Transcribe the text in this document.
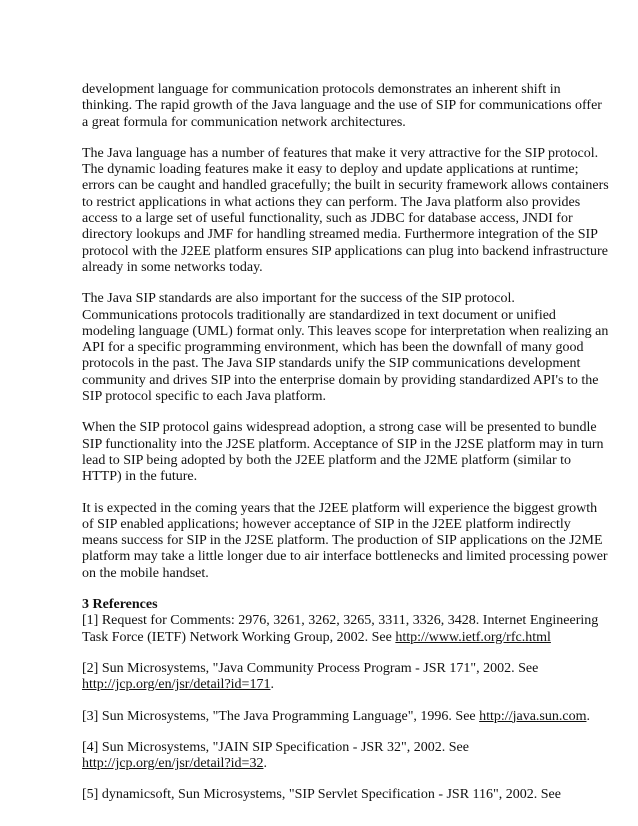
development language for communication protocols demonstrates an inherent shift in
thinking. The rapid growth of the Java language and the use of SIP for communications offer
a great formula for communication network architectures.
The Java language has a number of features that make it very attractive for the SIP protocol.
The dynamic loading features make it easy to deploy and update applications at runtime;
errors can be caught and handled gracefully; the built in security framework allows containers
to restrict applications in what actions they can perform. The Java platform also provides
access to a large set of useful functionality, such as JDBC for database access, JNDI for
directory lookups and JMF for handling streamed media. Furthermore integration of the SIP
protocol with the J2EE platform ensures SIP applications can plug into backend infrastructure
already in some networks today.
The Java SIP standards are also important for the success of the SIP protocol.
Communications protocols traditionally are standardized in text document or unified
modeling language (UML) format only. This leaves scope for interpretation when realizing an
API for a specific programming environment, which has been the downfall of many good
protocols in the past. The Java SIP standards unify the SIP communications development
community and drives SIP into the enterprise domain by providing standardized API's to the
SIP protocol specific to each Java platform.
When the SIP protocol gains widespread adoption, a strong case will be presented to bundle
SIP functionality into the J2SE platform. Acceptance of SIP in the J2SE platform may in turn
lead to SIP being adopted by both the J2EE platform and the J2ME platform (similar to
HTTP) in the future.
It is expected in the coming years that the J2EE platform will experience the biggest growth
of SIP enabled applications; however acceptance of SIP in the J2EE platform indirectly
means success for SIP in the J2SE platform. The production of SIP applications on the J2ME
platform may take a little longer due to air interface bottlenecks and limited processing power
on the mobile handset.
3 References
[1] Request for Comments: 2976, 3261, 3262, 3265, 3311, 3326, 3428. Internet Engineering
Task Force (IETF) Network Working Group, 2002. See http://www.ietf.org/rfc.html
[2] Sun Microsystems, "Java Community Process Program - JSR 171", 2002. See
http://jcp.org/en/jsr/detail?id=171.
[3] Sun Microsystems, "The Java Programming Language", 1996. See http://java.sun.com.
[4] Sun Microsystems, "JAIN SIP Specification - JSR 32", 2002. See
http://jcp.org/en/jsr/detail?id=32.
[5] dynamicsoft, Sun Microsystems, "SIP Servlet Specification - JSR 116", 2002. See
